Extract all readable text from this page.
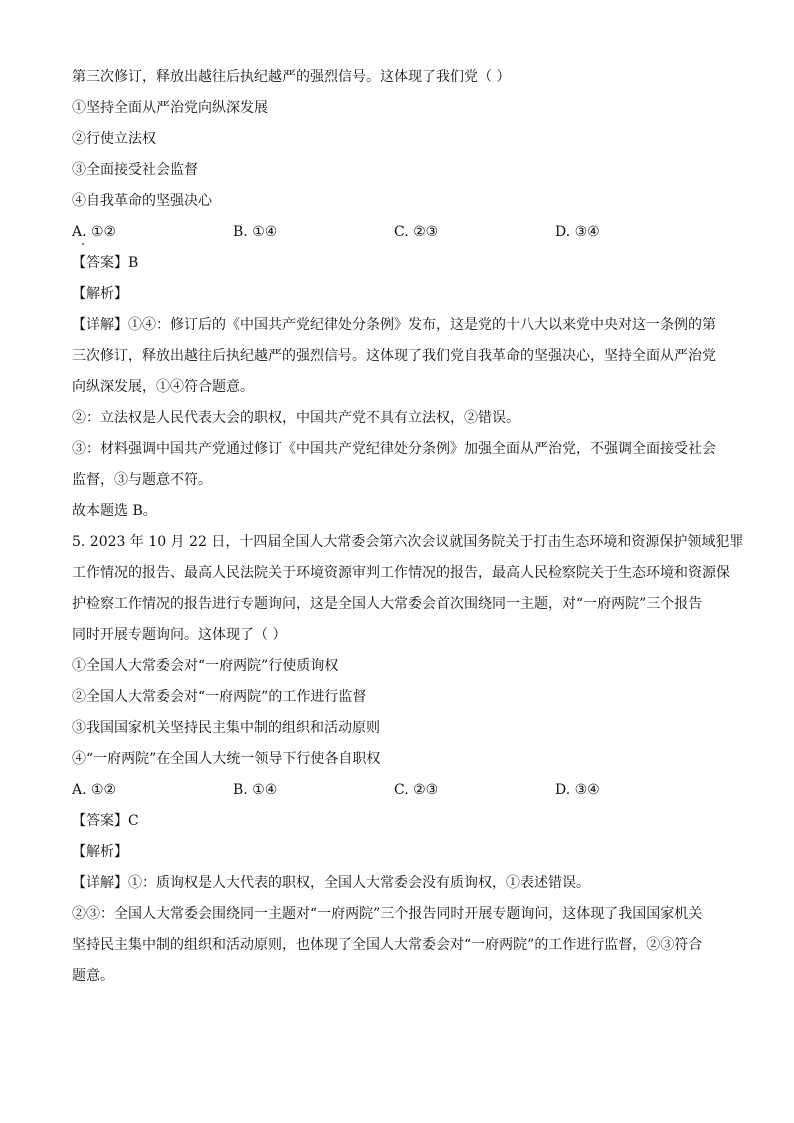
第三次修订，释放出越往后执纪越严的强烈信号。这体现了我们党（ ）
①坚持全面从严治党向纵深发展
②行使立法权
③全面接受社会监督
④自我革命的坚强决心
A. ①②	B. ①④	C. ②③	D. ③④
【答案】B
【解析】
【详解】①④：修订后的《中国共产党纪律处分条例》发布，这是党的十八大以来党中央对这一条例的第
三次修订，释放出越往后执纪越严的强烈信号。这体现了我们党自我革命的坚强决心，坚持全面从严治党
向纵深发展，①④符合题意。
②：立法权是人民代表大会的职权，中国共产党不具有立法权，②错误。
③：材料强调中国共产党通过修订《中国共产党纪律处分条例》加强全面从严治党，不强调全面接受社会
监督，③与题意不符。
故本题选 B。
5. 2023 年 10 月 22 日，十四届全国人大常委会第六次会议就国务院关于打击生态环境和资源保护领域犯罪
工作情况的报告、最高人民法院关于环境资源审判工作情况的报告，最高人民检察院关于生态环境和资源保
护检察工作情况的报告进行专题询问，这是全国人大常委会首次围绕同一主题，对“一府两院”三个报告
同时开展专题询问。这体现了（ ）
①全国人大常委会对“一府两院”行使质询权
②全国人大常委会对“一府两院”的工作进行监督
③我国国家机关坚持民主集中制的组织和活动原则
④“一府两院”在全国人大统一领导下行使各自职权
A. ①②	B. ①④	C. ②③	D. ③④
【答案】C
【解析】
【详解】①：质询权是人大代表的职权，全国人大常委会没有质询权，①表述错误。
②③：全国人大常委会围绕同一主题对“一府两院”三个报告同时开展专题询问，这体现了我国国家机关
坚持民主集中制的组织和活动原则，也体现了全国人大常委会对“一府两院”的工作进行监督，②③符合
题意。
